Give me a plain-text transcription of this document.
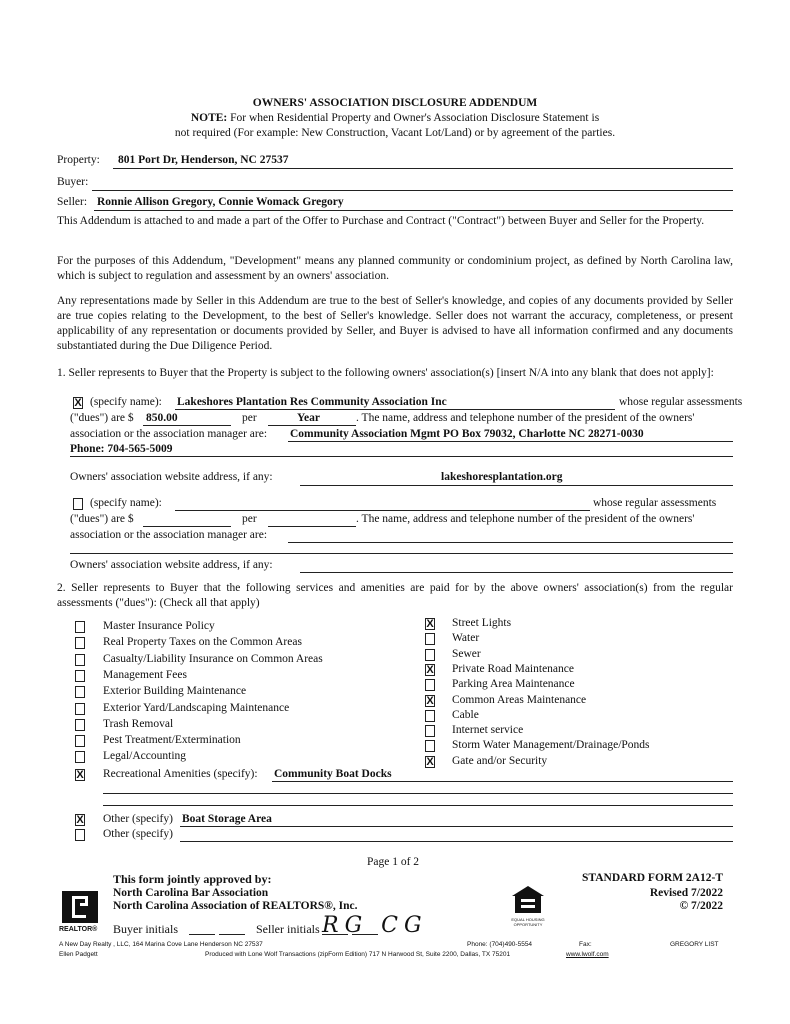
OWNERS' ASSOCIATION DISCLOSURE ADDENDUM
NOTE: For when Residential Property and Owner's Association Disclosure Statement is
not required (For example: New Construction, Vacant Lot/Land) or by agreement of the parties.
Property: 801 Port Dr, Henderson, NC 27537
Buyer:
Seller: Ronnie Allison Gregory, Connie Womack Gregory
This Addendum is attached to and made a part of the Offer to Purchase and Contract ("Contract") between Buyer and Seller for the Property.
For the purposes of this Addendum, "Development" means any planned community or condominium project, as defined by North Carolina law, which is subject to regulation and assessment by an owners' association.
Any representations made by Seller in this Addendum are true to the best of Seller's knowledge, and copies of any documents provided by Seller are true copies relating to the Development, to the best of Seller's knowledge. Seller does not warrant the accuracy, completeness, or present applicability of any representation or documents provided by Seller, and Buyer is advised to have all information confirmed and any documents substantiated during the Due Diligence Period.
1. Seller represents to Buyer that the Property is subject to the following owners' association(s) [insert N/A into any blank that does not apply]:
X (specify name): Lakeshores Plantation Res Community Association Inc	whose regular assessments
("dues") are $ 850.00	per	Year	. The name, address and telephone number of the president of the owners'
association or the association manager are: Community Association Mgmt PO Box 79032, Charlotte NC 28271-0030
Phone: 704-565-5009
Owners' association website address, if any:	lakeshoresplantation.org
(specify name):	whose regular assessments
("dues") are $	per	. The name, address and telephone number of the president of the owners'
association or the association manager are:
Owners' association website address, if any:
2. Seller represents to Buyer that the following services and amenities are paid for by the above owners' association(s) from the regular assessments ("dues"): (Check all that apply)
Master Insurance Policy
Real Property Taxes on the Common Areas
Casualty/Liability Insurance on Common Areas
Management Fees
Exterior Building Maintenance
Exterior Yard/Landscaping Maintenance
Trash Removal
Pest Treatment/Extermination
Legal/Accounting
X Street Lights
Water
Sewer
X Private Road Maintenance
Parking Area Maintenance
X Common Areas Maintenance
Cable
Internet service
Storm Water Management/Drainage/Ponds
X Gate and/or Security
X Recreational Amenities (specify): Community Boat Docks
X Other (specify) Boat Storage Area
Other (specify)
Page 1 of 2
This form jointly approved by:
North Carolina Bar Association
North Carolina Association of REALTORS®, Inc.
STANDARD FORM 2A12-T
Revised 7/2022
© 7/2022
REALTOR® Buyer initials	Seller initials RG CG	EQUAL HOUSING OPPORTUNITY
A New Day Realty , LLC, 164 Marina Cove Lane Henderson NC 27537
Ellen Padgett
Phone: (704)490-5554	Fax:	GREGORY LIST
Produced with Lone Wolf Transactions (zipForm Edition) 717 N Harwood St, Suite 2200, Dallas, TX 75201	www.lwolf.com
